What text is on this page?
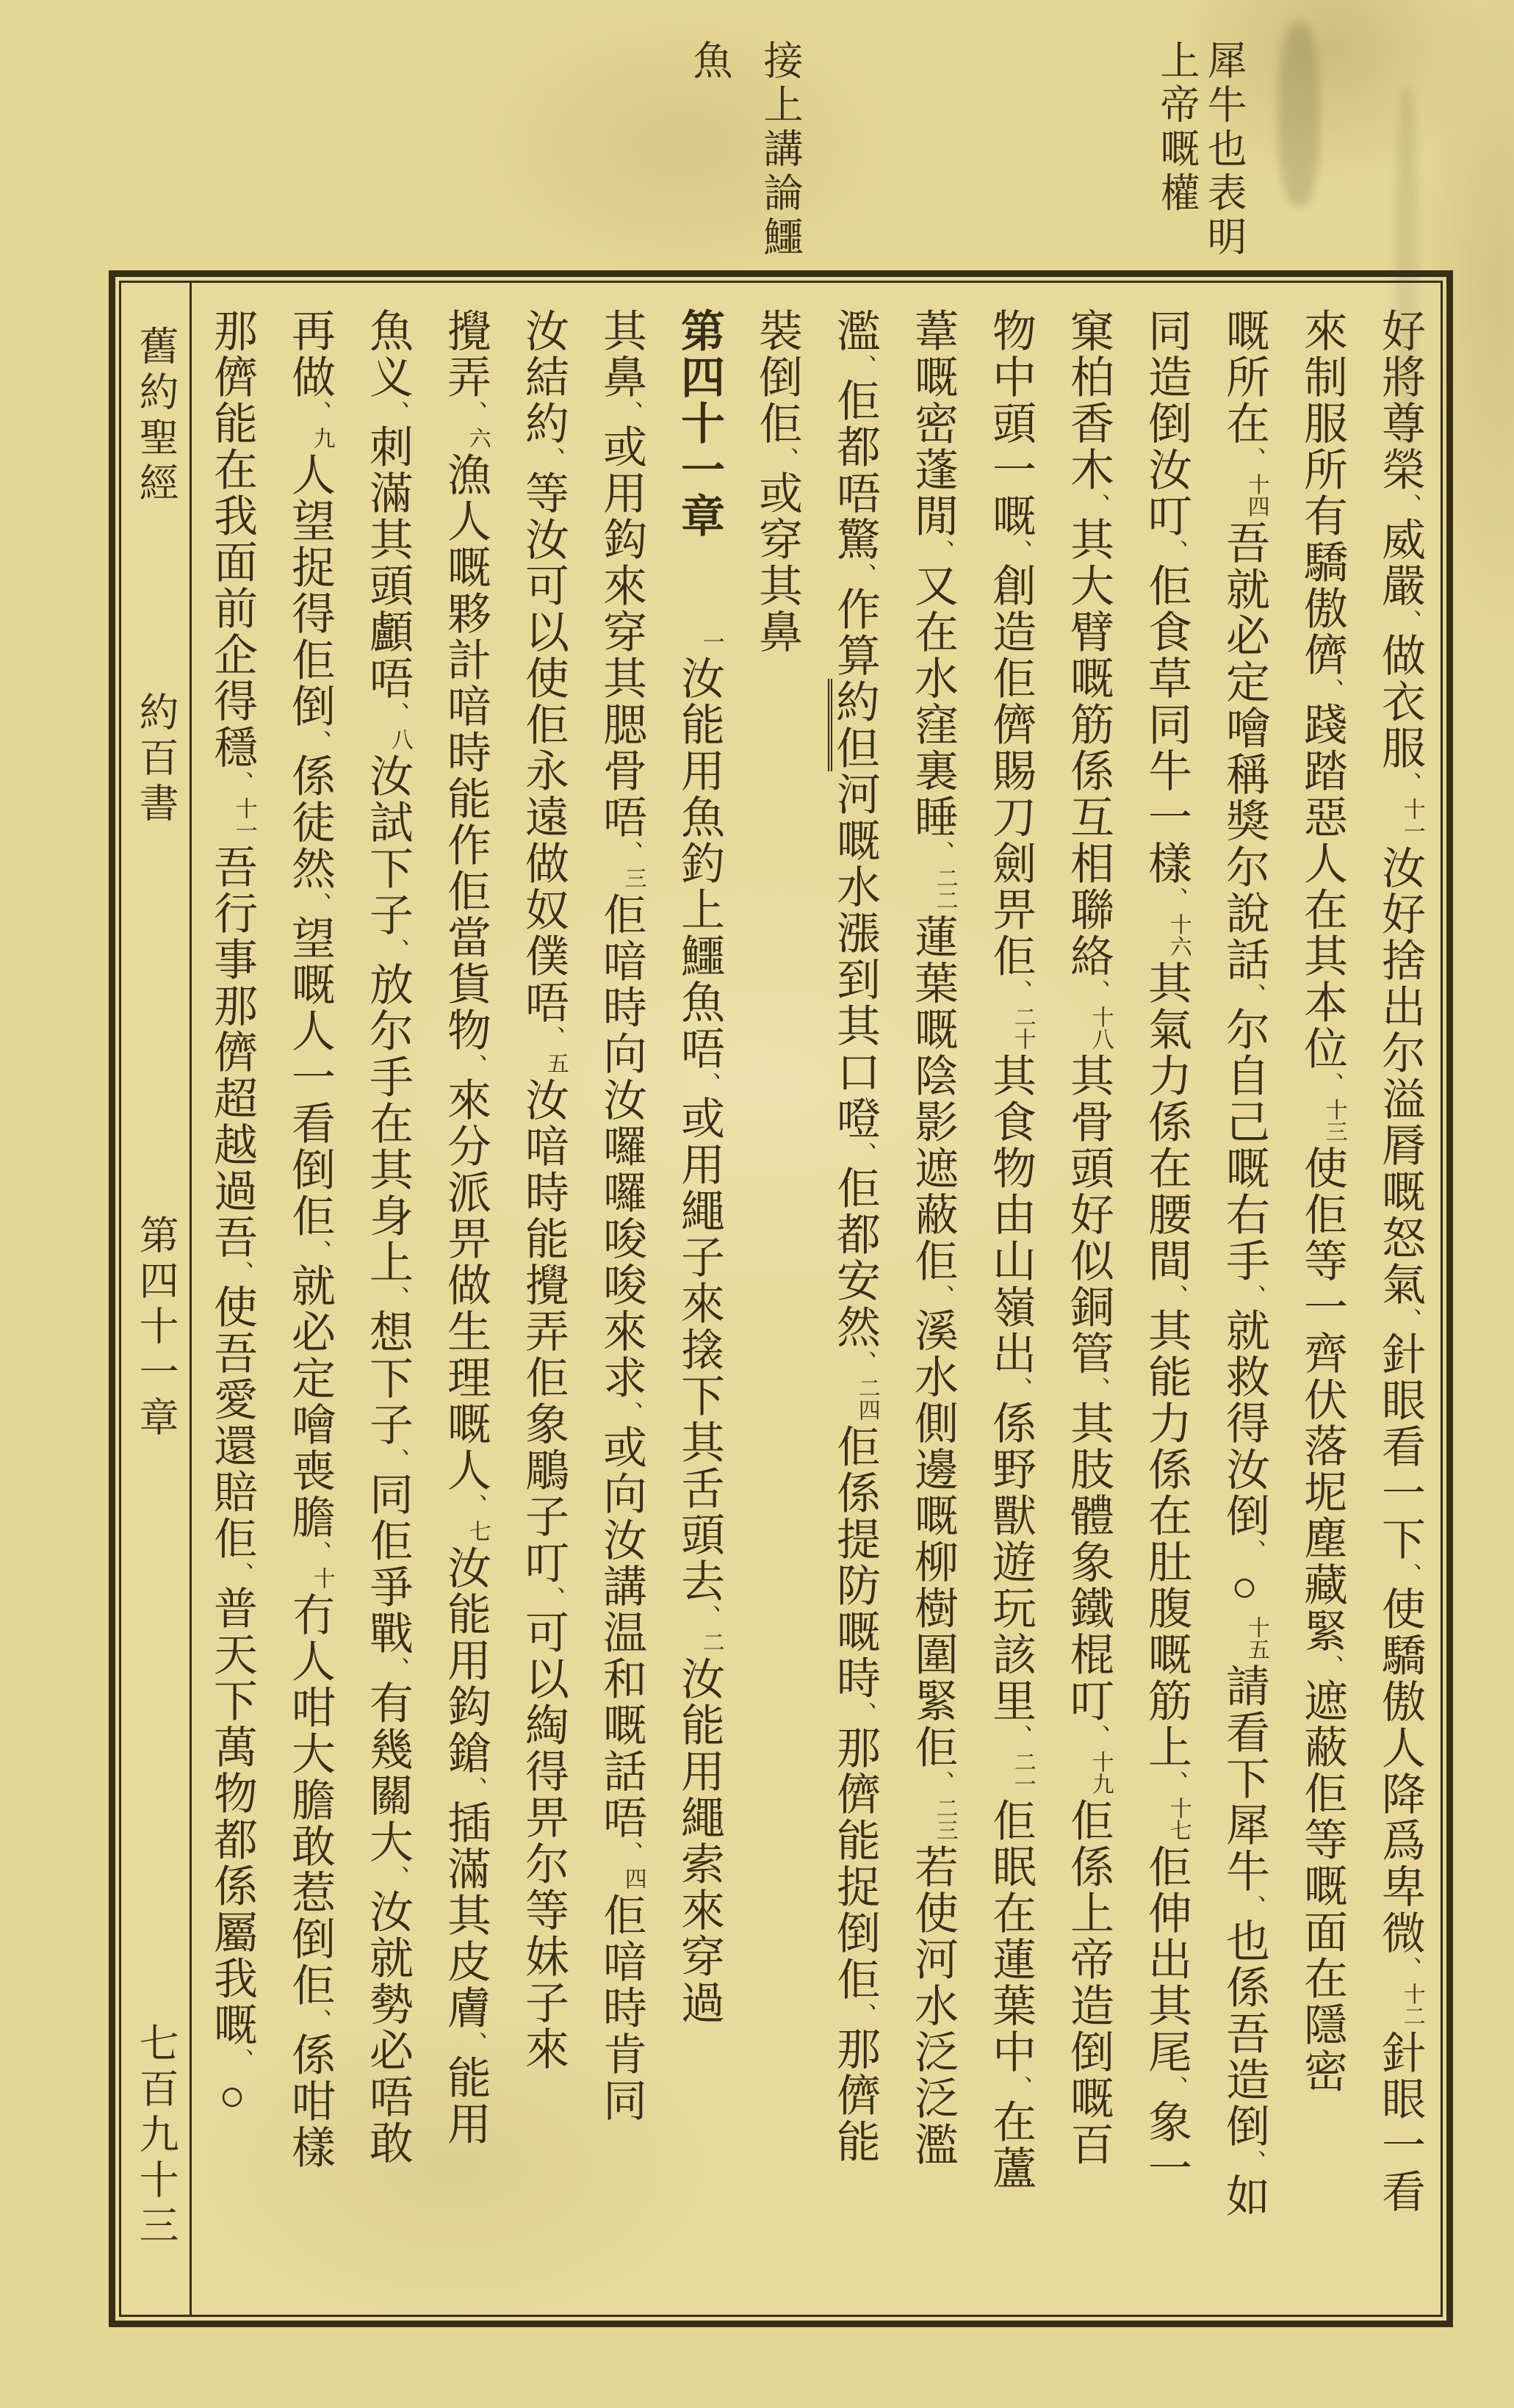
接上講論鱷
魚	犀牛也表明
上帝嘅權
好將尊榮、威嚴、做衣服、
十一
汝好捨出尔溢脣嘅怒氣、針眼看一下、使驕傲人降爲卑微、
十二
針眼一看
來制服所有驕傲儕、踐踏惡人在其本位、
十三
使佢等一齊伏落坭塵藏緊、遮蔽佢等嘅面在隱密
嘅所在、
十四
吾就必定噲稱獎尔說話、尔自己嘅右手、就救得汝倒、○
十五
請看下犀牛、也係吾造倒、如
同造倒汝叮、佢食草同牛一樣、
十六
其氣力係在腰間、其能力係在肚腹嘅筋上、
十七
佢伸出其尾、象一
窠柏香木、其大臂嘅筋係互相聯絡、
十八
其骨頭好似銅管、其肢體象鐵棍叮、
十九
佢係上帝造倒嘅百
物中頭一嘅、創造佢儕賜刀劍畀佢、
二十
其食物由山嶺出、係野獸遊玩該里、
二一
佢眠在蓮葉中、在蘆
葦嘅密蓬閒、又在水窪裏睡、
二二
蓮葉嘅陰影遮蔽佢、溪水側邊嘅柳樹圍緊佢、
二三
若使河水泛泛濫
濫、佢都唔驚、作算
約但
河嘅水漲到其口噔、佢都安然、
二四
佢係提防嘅時、那儕能捉倒佢、那儕能
裝倒佢、或穿其鼻
第四十一章
一
汝能用魚釣上鱷魚唔、或用繩子來搇下其舌頭去、
二
汝能用繩索來穿過
其鼻、或用鈎來穿其腮骨唔、
三
佢喑時向汝囉囉唆唆來求、或向汝講温和嘅話唔、
四
佢喑時肯同
汝結約、等汝可以使佢永遠做奴僕唔、
五
汝喑時能攪弄佢象鵰子叮、可以綯得畀尔等妹子來
攪弄、
六
漁人嘅夥計喑時能作佢當貨物、來分派畀做生理嘅人、
七
汝能用鈎鎗、插滿其皮膚、能用
魚义、刺滿其頭顱唔、
八
汝試下子、放尔手在其身上、想下子、同佢爭戰、有幾關大、汝就勢必唔敢
再做、
九
人望捉得佢倒、係徒然、望嘅人一看倒佢、就必定噲喪膽、
十
冇人咁大膽敢惹倒佢、係咁樣
那儕能在我面前企得穩、
十一
吾行事那儕超越過吾、使吾愛還賠佢、普天下萬物都係屬我嘅、○
舊約聖經
約百書
第四十一章
七百九十三
